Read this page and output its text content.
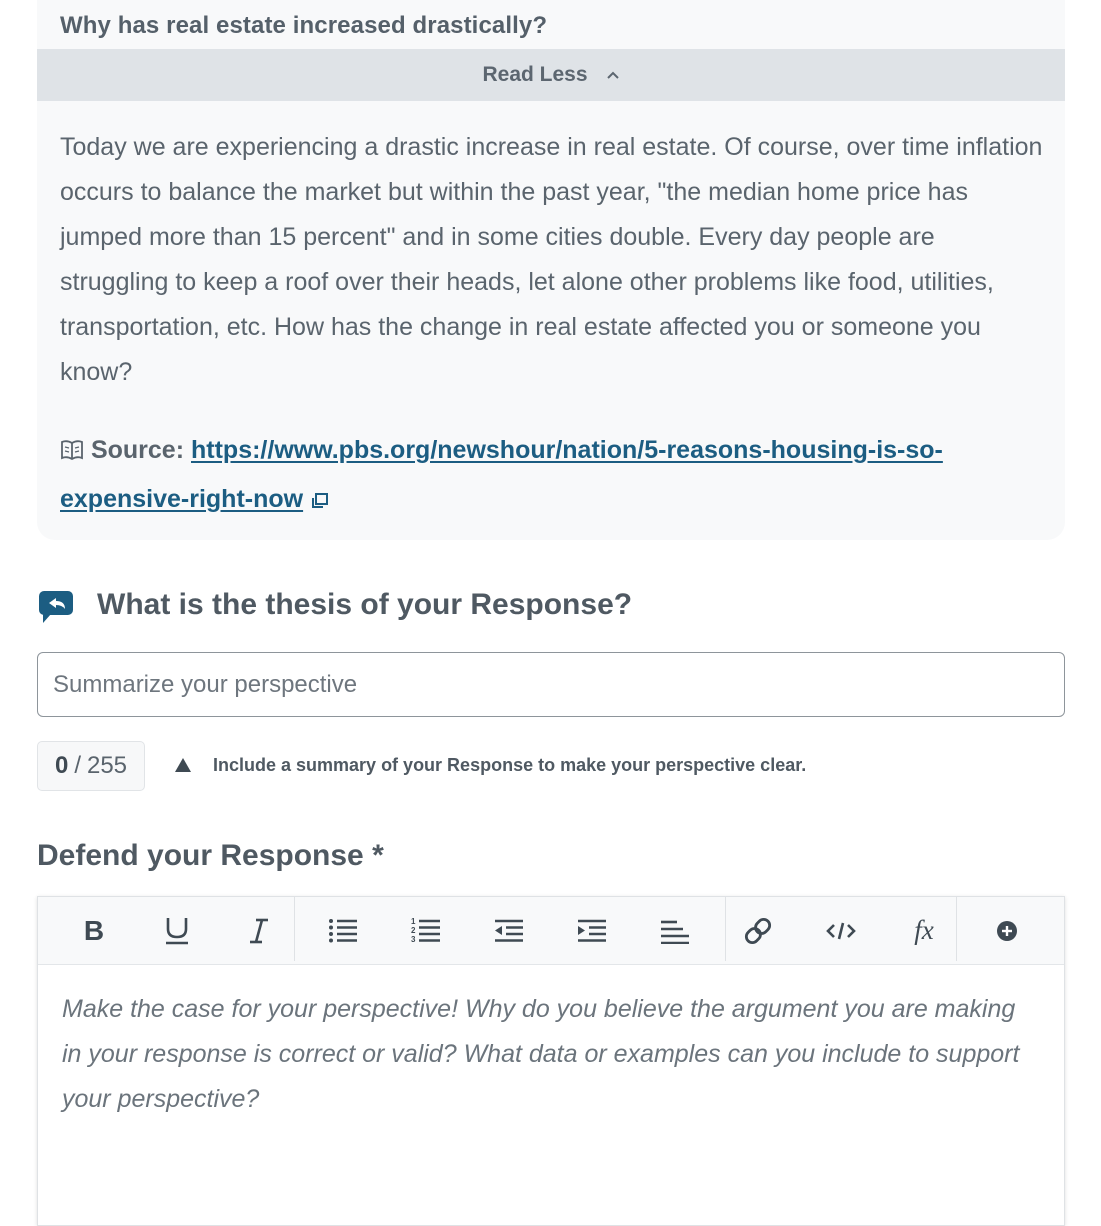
Why has real estate increased drastically?
Read Less

Today we are experiencing a drastic increase in real estate. Of course, over time inflation occurs to balance the market but within the past year, "the median home price has jumped more than 15 percent" and in some cities double. Every day people are struggling to keep a roof over their heads, let alone other problems like food, utilities, transportation, etc. How has the change in real estate affected you or someone you know?

Source: https://www.pbs.org/newshour/nation/5-reasons-housing-is-so-expensive-right-now
What is the thesis of your Response?
Summarize your perspective
0 / 255	Include a summary of your Response to make your perspective clear.

Defend your Response *
B	1
2
3	fx

Make the case for your perspective! Why do you believe the argument you are making in your response is correct or valid? What data or examples can you include to support your perspective?
